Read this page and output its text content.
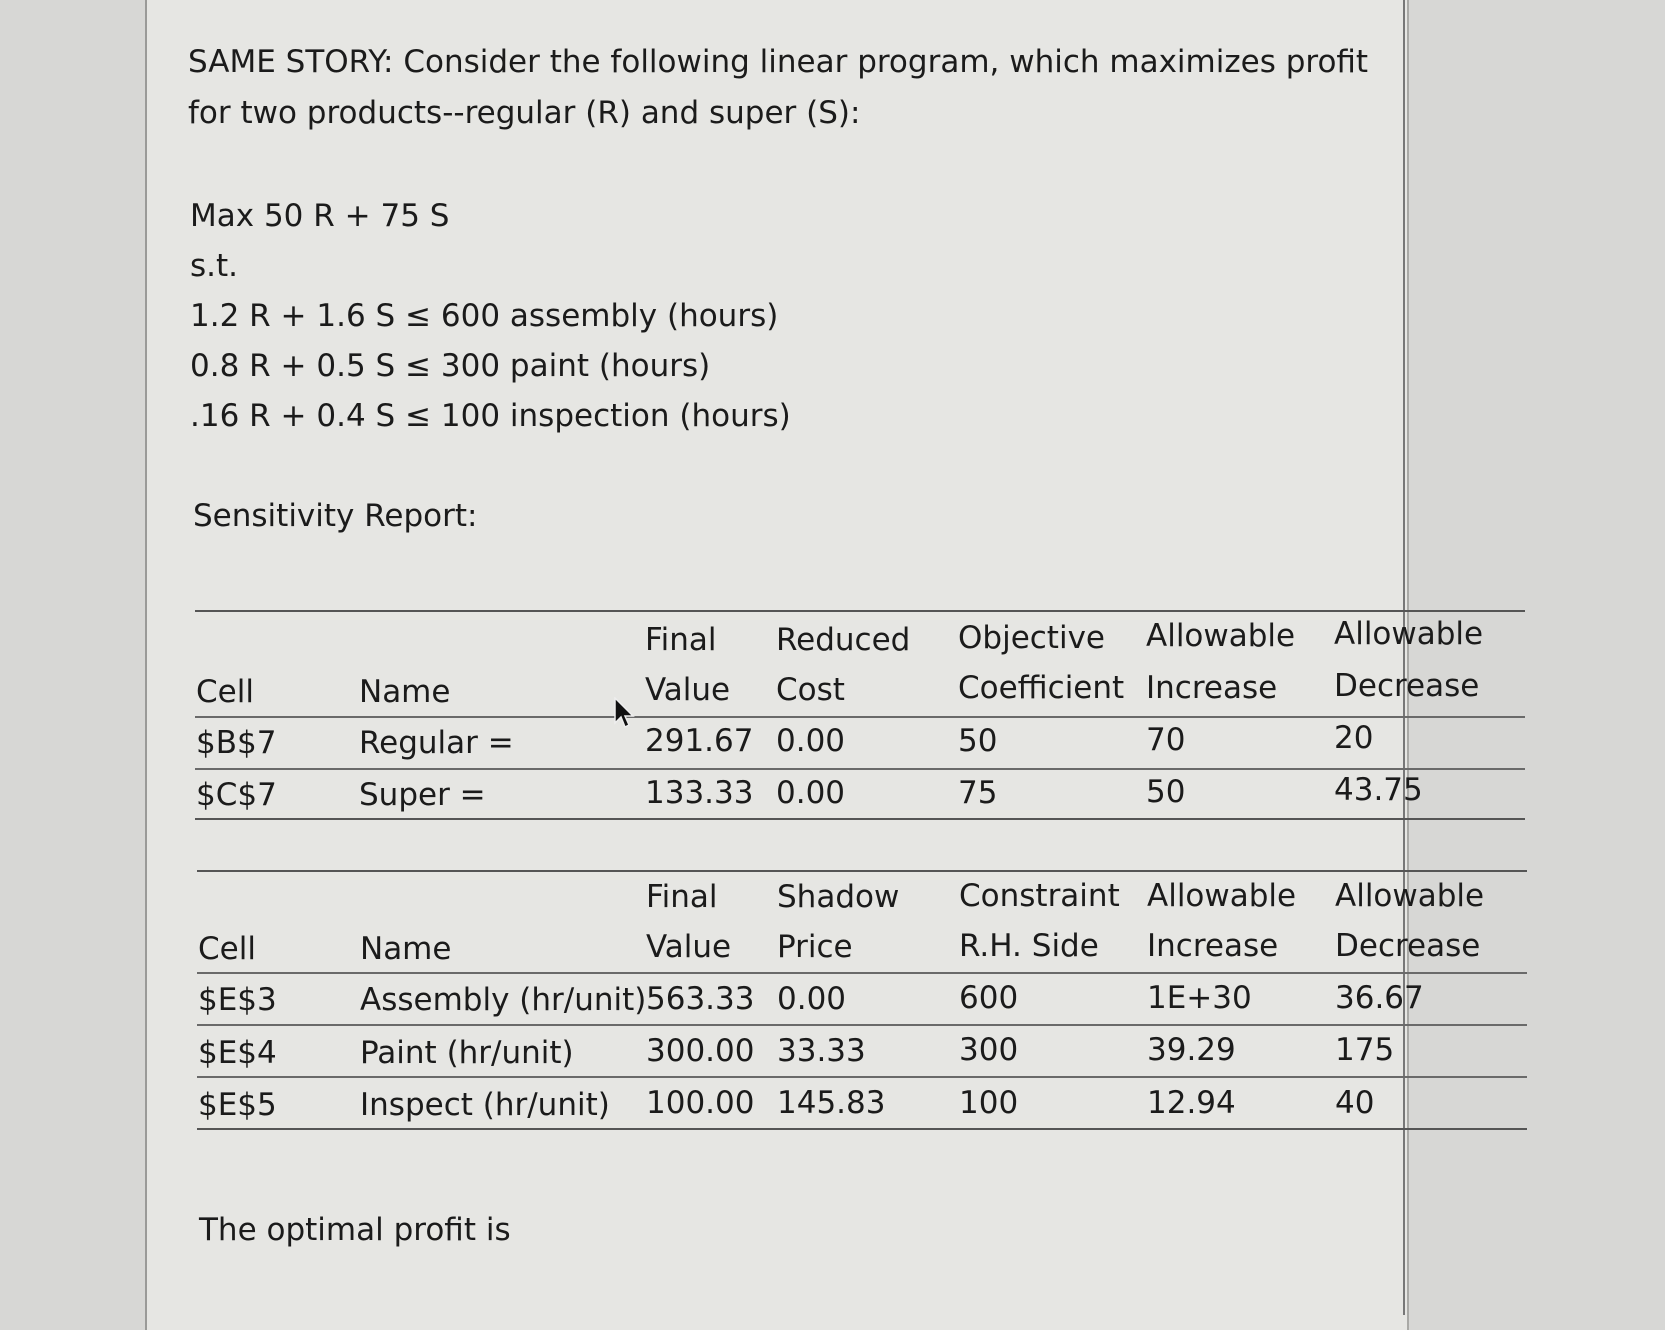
SAME STORY: Consider the following linear program, which maximizes profit
for two products--regular (R) and super (S):
Max 50 R + 75 S
s.t.
1.2 R + 1.6 S ≤ 600 assembly (hours)
0.8 R + 0.5 S ≤ 300 paint (hours)
.16 R + 0.4 S ≤ 100 inspection (hours)
Sensitivity Report:
Final Reduced Objective Allowable Allowable
Cell	Name	Value Cost	Coefficient Increase Decrease
$B$7	Regular =	291.67 0.00	50	70	20
$C$7	Super =	133.33 0.00	75	50	43.75
Final Shadow Constraint Allowable Allowable
Cell	Name	Value Price	R.H. Side Increase Decrease
$E$3	Assembly (hr/unit) 563.33 0.00	600	1E+30	36.67
$E$4	Paint (hr/unit) 300.00 33.33	300	39.29	175
$E$5	Inspect (hr/unit) 100.00 145.83 100	12.94	40
The optimal profit is
